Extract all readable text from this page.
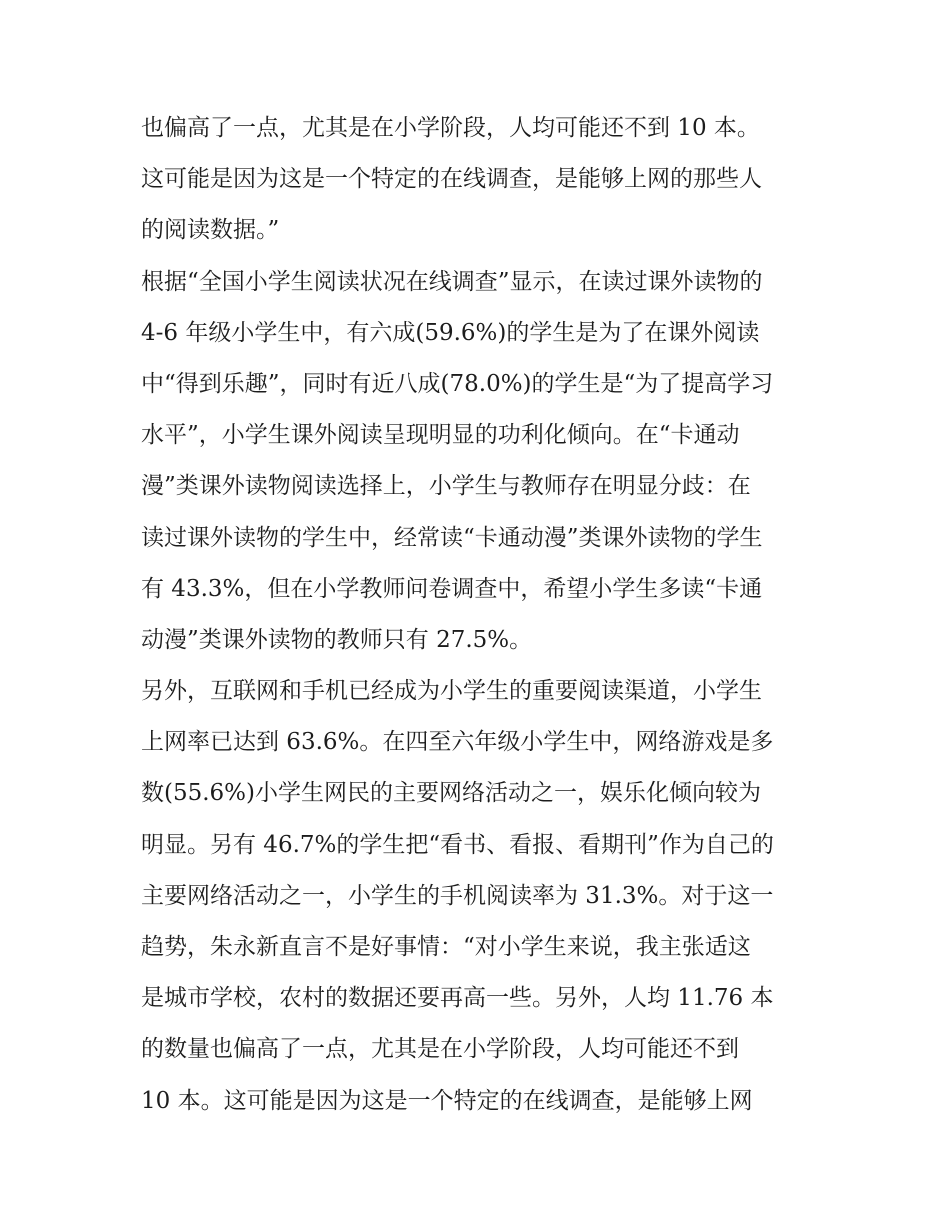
也偏高了一点，尤其是在小学阶段，人均可能还不到 10 本。
这可能是因为这是一个特定的在线调查，是能够上网的那些人
的阅读数据。”
根据“全国小学生阅读状况在线调查”显示，在读过课外读物的
4-6 年级小学生中，有六成(59.6%)的学生是为了在课外阅读
中“得到乐趣”，同时有近八成(78.0%)的学生是“为了提高学习
水平”，小学生课外阅读呈现明显的功利化倾向。在“卡通动
漫”类课外读物阅读选择上，小学生与教师存在明显分歧：在
读过课外读物的学生中，经常读“卡通动漫”类课外读物的学生
有 43.3%，但在小学教师问卷调查中，希望小学生多读“卡通
动漫”类课外读物的教师只有 27.5%。
另外，互联网和手机已经成为小学生的重要阅读渠道，小学生
上网率已达到 63.6%。在四至六年级小学生中，网络游戏是多
数(55.6%)小学生网民的主要网络活动之一，娱乐化倾向较为
明显。另有 46.7%的学生把“看书、看报、看期刊”作为自己的
主要网络活动之一，小学生的手机阅读率为 31.3%。对于这一
趋势，朱永新直言不是好事情：“对小学生来说，我主张适这
是城市学校，农村的数据还要再高一些。另外，人均 11.76 本
的数量也偏高了一点，尤其是在小学阶段，人均可能还不到
10 本。这可能是因为这是一个特定的在线调查，是能够上网
